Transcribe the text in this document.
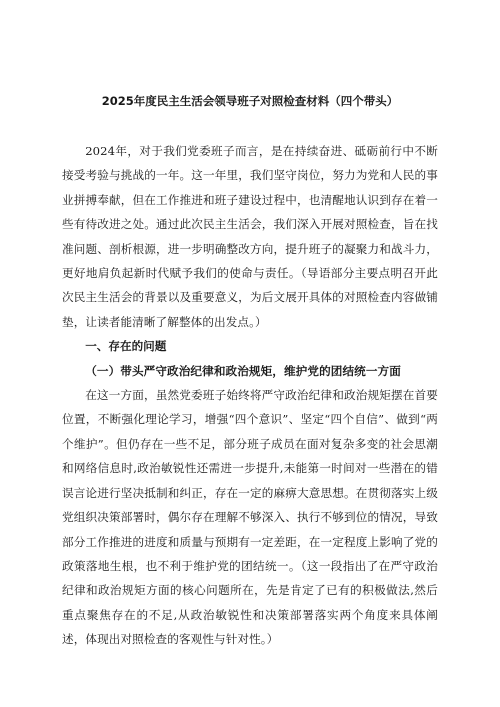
2025年度民主生活会领导班子对照检查材料（四个带头）

2024年，对于我们党委班子而言，是在持续奋进、砥砺前行中不断接受考验与挑战的一年。这一年里，我们坚守岗位，努力为党和人民的事业拼搏奉献，但在工作推进和班子建设过程中，也清醒地认识到存在着一些有待改进之处。通过此次民主生活会，我们深入开展对照检查，旨在找准问题、剖析根源，进一步明确整改方向，提升班子的凝聚力和战斗力，更好地肩负起新时代赋予我们的使命与责任。（导语部分主要点明召开此次民主生活会的背景以及重要意义，为后文展开具体的对照检查内容做铺垫，让读者能清晰了解整体的出发点。）

一、存在的问题
（一）带头严守政治纪律和政治规矩，维护党的团结统一方面

在这一方面，虽然党委班子始终将严守政治纪律和政治规矩摆在首要位置，不断强化理论学习，增强“四个意识”、坚定“四个自信”、做到“两个维护”。但仍存在一些不足，部分班子成员在面对复杂多变的社会思潮和网络信息时,政治敏锐性还需进一步提升,未能第一时间对一些潜在的错误言论进行坚决抵制和纠正，存在一定的麻痹大意思想。在贯彻落实上级党组织决策部署时，偶尔存在理解不够深入、执行不够到位的情况，导致部分工作推进的进度和质量与预期有一定差距，在一定程度上影响了党的政策落地生根，也不利于维护党的团结统一。（这一段指出了在严守政治纪律和政治规矩方面的核心问题所在，先是肯定了已有的积极做法,然后重点聚焦存在的不足,从政治敏锐性和决策部署落实两个角度来具体阐述，体现出对照检查的客观性与针对性。）
